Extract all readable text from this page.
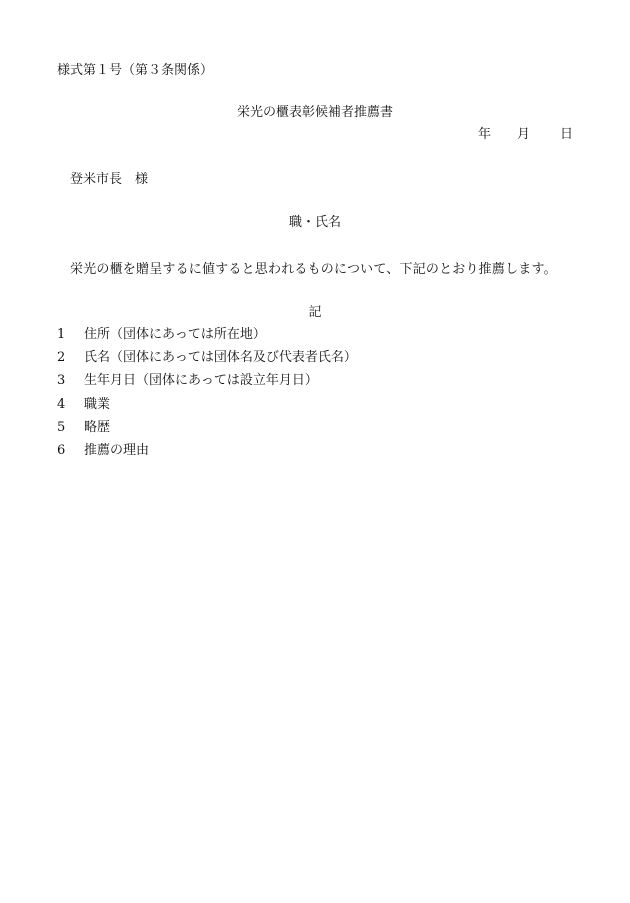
様式第１号（第３条関係）
栄光の櫃表彰候補者推薦書
年 月 日
登米市長　様
職・氏名
栄光の櫃を贈呈するに値すると思われるものについて、下記のとおり推薦します。
記
1 住所（団体にあっては所在地）
2 氏名（団体にあっては団体名及び代表者氏名）
3 生年月日（団体にあっては設立年月日）
4 職業
5 略歴
6 推薦の理由
